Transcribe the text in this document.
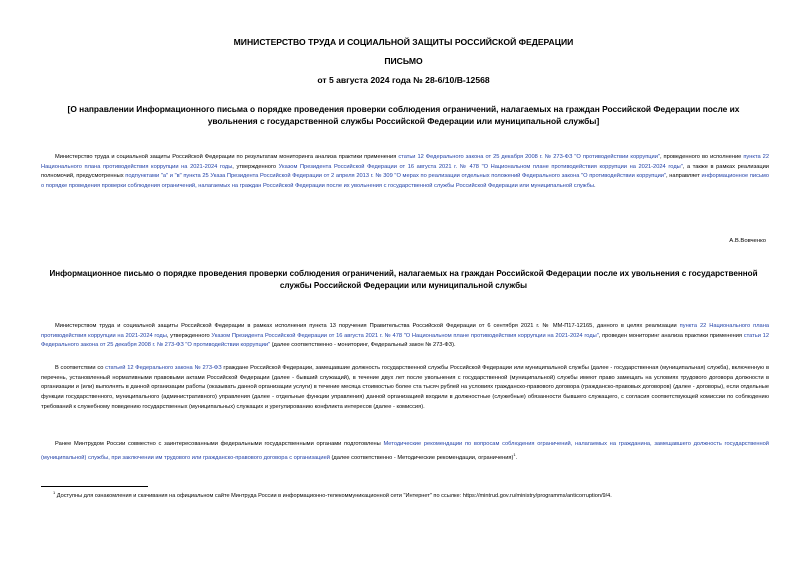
МИНИСТЕРСТВО ТРУДА И СОЦИАЛЬНОЙ ЗАЩИТЫ РОССИЙСКОЙ ФЕДЕРАЦИИ
ПИСЬМО
от 5 августа 2024 года № 28-6/10/В-12568
[О направлении Информационного письма о порядке проведения проверки соблюдения ограничений, налагаемых на граждан Российской Федерации после их увольнения с государственной службы Российской Федерации или муниципальной службы]
Министерство труда и социальной защиты Российской Федерации по результатам мониторинга анализа практики применения статьи 12 Федерального закона от 25 декабря 2008 г. № 273-ФЗ "О противодействии коррупции", проведенного во исполнение пункта 22 Национального плана противодействия коррупции на 2021-2024 годы, утвержденного Указом Президента Российской Федерации от 16 августа 2021 г. № 478 "О Национальном плане противодействия коррупции на 2021-2024 годы", а также в рамках реализации полномочий, предусмотренных подпунктами "а" и "в" пункта 25 Указа Президента Российской Федерации от 2 апреля 2013 г. № 309 "О мерах по реализации отдельных положений Федерального закона "О противодействии коррупции", направляет информационное письмо о порядке проведения проверки соблюдения ограничений, налагаемых на граждан Российской Федерации после их увольнения с государственной службы Российской Федерации или муниципальной службы.
А.В.Вовченко
Информационное письмо о порядке проведения проверки соблюдения ограничений, налагаемых на граждан Российской Федерации после их увольнения с государственной службы Российской Федерации или муниципальной службы
Министерством труда и социальной защиты Российской Федерации в рамках исполнения пункта 13 поручения Правительства Российской Федерации от 6 сентября 2021 г. № ММ-П17-12165, данного в целях реализации пункта 22 Национального плана противодействия коррупции на 2021-2024 годы, утвержденного Указом Президента Российской Федерации от 16 августа 2021 г. № 478 "О Национальном плане противодействия коррупции на 2021-2024 годы", проведен мониторинг анализа практики применения статьи 12 Федерального закона от 25 декабря 2008 г. № 273-ФЗ "О противодействии коррупции" (далее соответственно - мониторинг, Федеральный закон № 273-ФЗ).
В соответствии со статьей 12 Федерального закона № 273-ФЗ граждане Российской Федерации, замещавшие должность государственной службы Российской Федерации или муниципальной службы (далее - государственная (муниципальная) служба), включенную в перечень, установленный нормативными правовыми актами Российской Федерации (далее - бывший служащий), в течение двух лет после увольнения с государственной (муниципальной) службы имеют право замещать на условиях трудового договора должности в организации и (или) выполнять в данной организации работы (оказывать данной организации услуги) в течение месяца стоимостью более ста тысяч рублей на условиях гражданско-правового договора (гражданско-правовых договоров) (далее - договоры), если отдельные функции государственного, муниципального (административного) управления (далее - отдельные функции управления) данной организацией входили в должностные (служебные) обязанности бывшего служащего, с согласия соответствующей комиссии по соблюдению требований к служебному поведению государственных (муниципальных) служащих и урегулированию конфликта интересов (далее - комиссия).
Ранее Минтрудом России совместно с заинтересованными федеральными государственными органами подготовлены Методические рекомендации по вопросам соблюдения ограничений, налагаемых на гражданина, замещавшего должность государственной (муниципальной) службы, при заключении им трудового или гражданско-правового договора с организацией (далее соответственно - Методические рекомендации, ограничения)$^1$.
$^1$ Доступны для ознакомления и скачивания на официальном сайте Минтруда России в информационно-телекоммуникационной сети "Интернет" по ссылке: https://mintrud.gov.ru/ministry/programms/anticorruption/9/4.
